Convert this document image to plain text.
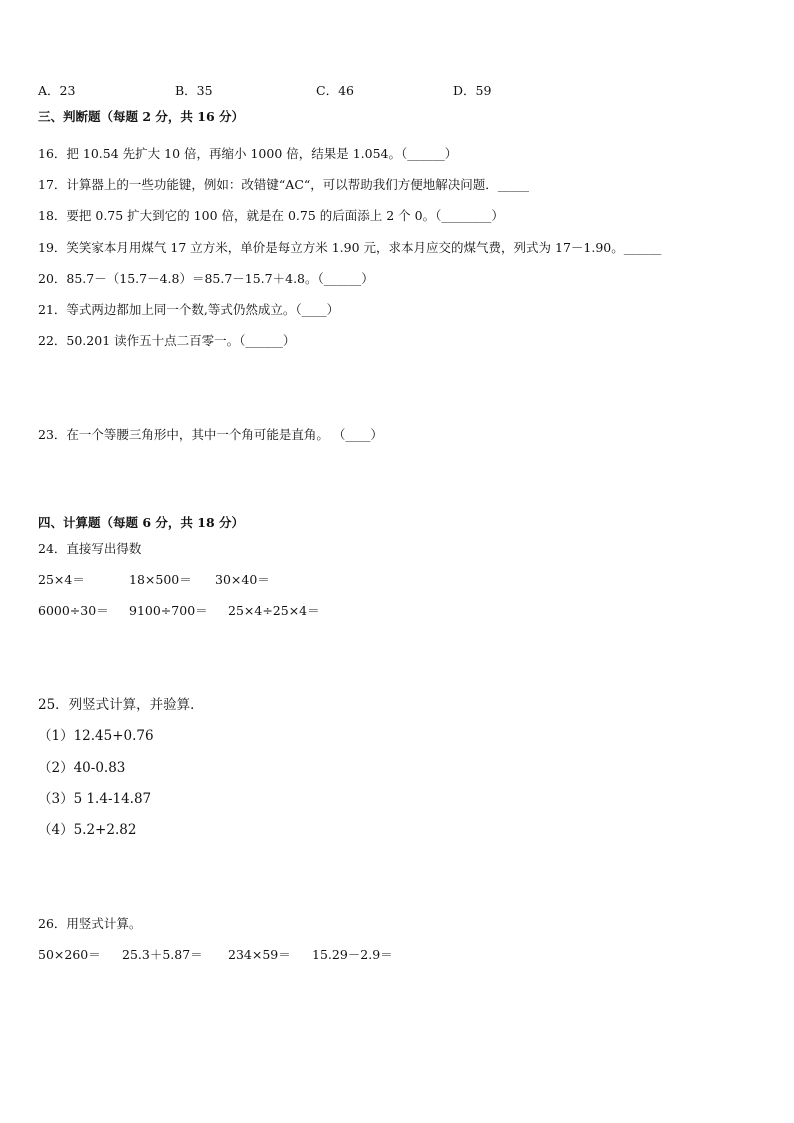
A．23	B．35	C．46	D．59
三、判断题（每题 2 分，共 16 分）
16．把 10.54 先扩大 10 倍，再缩小 1000 倍，结果是 1.054。（______）
17．计算器上的一些功能键，例如：改错键“AC“，可以帮助我们方便地解决问题．_____
18．要把 0.75 扩大到它的 100 倍，就是在 0.75 的后面添上 2 个 0。（________）
19．笑笑家本月用煤气 17 立方米，单价是每立方米 1.90 元，求本月应交的煤气费，列式为 17－1.90。______
20．85.7－（15.7－4.8）＝85.7－15.7＋4.8。（______）
21．等式两边都加上同一个数,等式仍然成立。（____）
22．50.201 读作五十点二百零一。（______）
23．在一个等腰三角形中，其中一个角可能是直角。 （____）
四、计算题（每题 6 分，共 18 分）
24．直接写出得数
25×4＝	18×500＝ 30×40＝
6000÷30＝ 9100÷700＝ 25×4÷25×4＝
25．列竖式计算，并验算．
（1）12.45+0.76
（2）40-0.83
（3）5 1.4-14.87
（4）5.2+2.82
26．用竖式计算。
50×260＝ 25.3＋5.87＝ 234×59＝ 15.29－2.9＝
